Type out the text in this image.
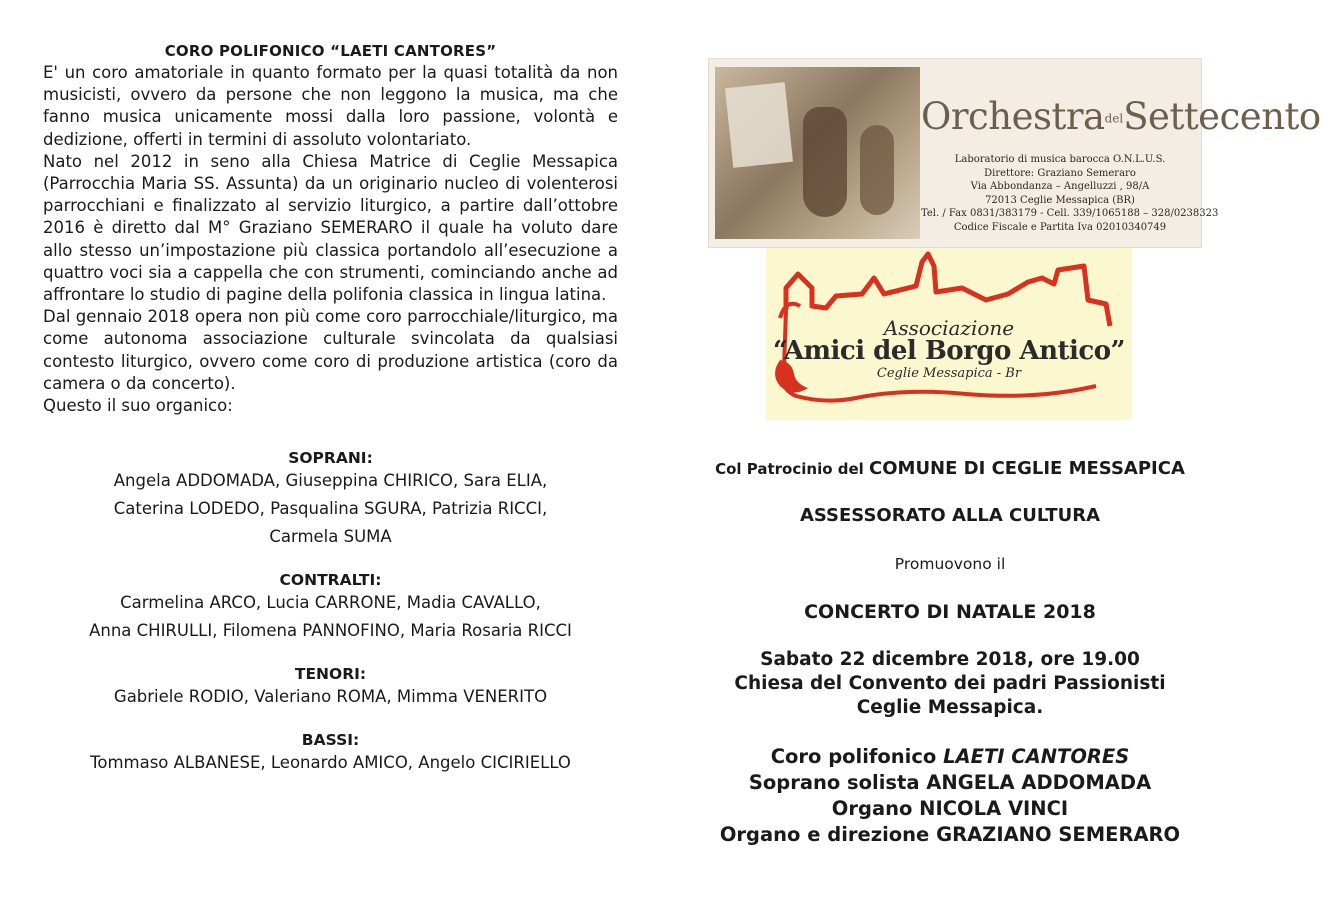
CORO POLIFONICO “LAETI CANTORES”

E' un coro amatoriale in quanto formato per la quasi totalità da non musicisti, ovvero da persone che non leggono la musica, ma che fanno musica unicamente mossi dalla loro passione, volontà e dedizione, offerti in termini di assoluto volontariato.

Nato nel 2012 in seno alla Chiesa Matrice di Ceglie Messapica (Parrocchia Maria SS. Assunta) da un originario nucleo di volenterosi parrocchiani e finalizzato al servizio liturgico, a partire dall’ottobre 2016 è diretto dal M° Graziano SEMERARO il quale ha voluto dare allo stesso un’impostazione più classica portandolo all’esecuzione a quattro voci sia a cappella che con strumenti, cominciando anche ad affrontare lo studio di pagine della polifonia classica in lingua latina.

Dal gennaio 2018 opera non più come coro parrocchiale/liturgico, ma come autonoma associazione culturale svincolata da qualsiasi contesto liturgico, ovvero come coro di produzione artistica (coro da camera o da concerto).

Questo il suo organico:

SOPRANI:
Angela ADDOMADA, Giuseppina CHIRICO, Sara ELIA,
Caterina LODEDO, Pasqualina SGURA, Patrizia RICCI,
Carmela SUMA
CONTRALTI:
Carmelina ARCO, Lucia CARRONE, Madia CAVALLO,
Anna CHIRULLI, Filomena PANNOFINO, Maria Rosaria RICCI
TENORI:
Gabriele RODIO, Valeriano ROMA, Mimma VENERITO
BASSI:
Tommaso ALBANESE, Leonardo AMICO, Angelo CICIRIELLO
Orchestra$^{del}$Settecento
Laboratorio di musica barocca O.N.L.U.S.
Direttore: Graziano Semeraro
Via Abbondanza – Angelluzzi , 98/A
72013 Ceglie Messapica (BR)
Tel. / Fax 0831/383179 - Cell. 339/1065188 – 328/0238323
Codice Fiscale e Partita Iva 02010340749
Associazione
“Amici del Borgo Antico”
Ceglie Messapica - Br
Col Patrocinio del COMUNE DI CEGLIE MESSAPICA
ASSESSORATO ALLA CULTURA
Promuovono il
CONCERTO DI NATALE 2018
Sabato 22 dicembre 2018, ore 19.00
Chiesa del Convento dei padri Passionisti
Ceglie Messapica.
Coro polifonico LAETI CANTORES
Soprano solista ANGELA ADDOMADA
Organo NICOLA VINCI
Organo e direzione GRAZIANO SEMERARO
